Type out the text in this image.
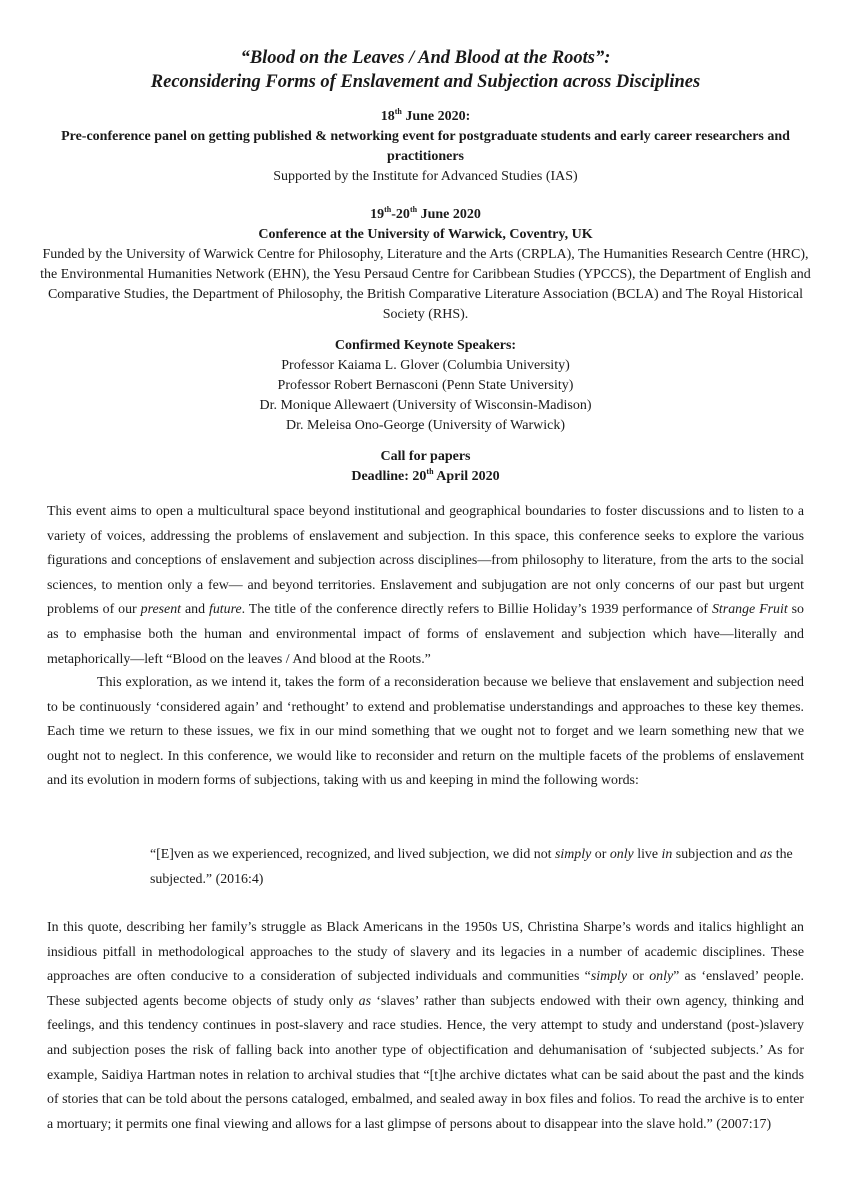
“Blood on the Leaves / And Blood at the Roots”:
Reconsidering Forms of Enslavement and Subjection across Disciplines
18th June 2020:
Pre-conference panel on getting published & networking event for postgraduate students and early career researchers and practitioners
Supported by the Institute for Advanced Studies (IAS)
19th-20th June 2020
Conference at the University of Warwick, Coventry, UK
Funded by the University of Warwick Centre for Philosophy, Literature and the Arts (CRPLA), The Humanities Research Centre (HRC), the Environmental Humanities Network (EHN), the Yesu Persaud Centre for Caribbean Studies (YPCCS), the Department of English and Comparative Studies, the Department of Philosophy, the British Comparative Literature Association (BCLA) and The Royal Historical Society (RHS).
Confirmed Keynote Speakers:
Professor Kaiama L. Glover (Columbia University)
Professor Robert Bernasconi (Penn State University)
Dr. Monique Allewaert (University of Wisconsin-Madison)
Dr. Meleisa Ono-George (University of Warwick)
Call for papers
Deadline: 20th April 2020

This event aims to open a multicultural space beyond institutional and geographical boundaries to foster discussions and to listen to a variety of voices, addressing the problems of enslavement and subjection. In this space, this conference seeks to explore the various figurations and conceptions of enslavement and subjection across disciplines—from philosophy to literature, from the arts to the social sciences, to mention only a few— and beyond territories. Enslavement and subjugation are not only concerns of our past but urgent problems of our present and future. The title of the conference directly refers to Billie Holiday’s 1939 performance of Strange Fruit so as to emphasise both the human and environmental impact of forms of enslavement and subjection which have—literally and metaphorically—left “Blood on the leaves / And blood at the Roots.”

This exploration, as we intend it, takes the form of a reconsideration because we believe that enslavement and subjection need to be continuously ‘considered again’ and ‘rethought’ to extend and problematise understandings and approaches to these key themes. Each time we return to these issues, we fix in our mind something that we ought not to forget and we learn something new that we ought not to neglect. In this conference, we would like to reconsider and return on the multiple facets of the problems of enslavement and its evolution in modern forms of subjections, taking with us and keeping in mind the following words:

“[E]ven as we experienced, recognized, and lived subjection, we did not simply or only live in subjection and as the subjected.” (2016:4)

In this quote, describing her family’s struggle as Black Americans in the 1950s US, Christina Sharpe’s words and italics highlight an insidious pitfall in methodological approaches to the study of slavery and its legacies in a number of academic disciplines. These approaches are often conducive to a consideration of subjected individuals and communities “simply or only” as ‘enslaved’ people. These subjected agents become objects of study only as ‘slaves’ rather than subjects endowed with their own agency, thinking and feelings, and this tendency continues in post-slavery and race studies. Hence, the very attempt to study and understand (post-)slavery and subjection poses the risk of falling back into another type of objectification and dehumanisation of ‘subjected subjects.’ As for example, Saidiya Hartman notes in relation to archival studies that “[t]he archive dictates what can be said about the past and the kinds of stories that can be told about the persons cataloged, embalmed, and sealed away in box files and folios. To read the archive is to enter a mortuary; it permits one final viewing and allows for a last glimpse of persons about to disappear into the slave hold.” (2007:17)
